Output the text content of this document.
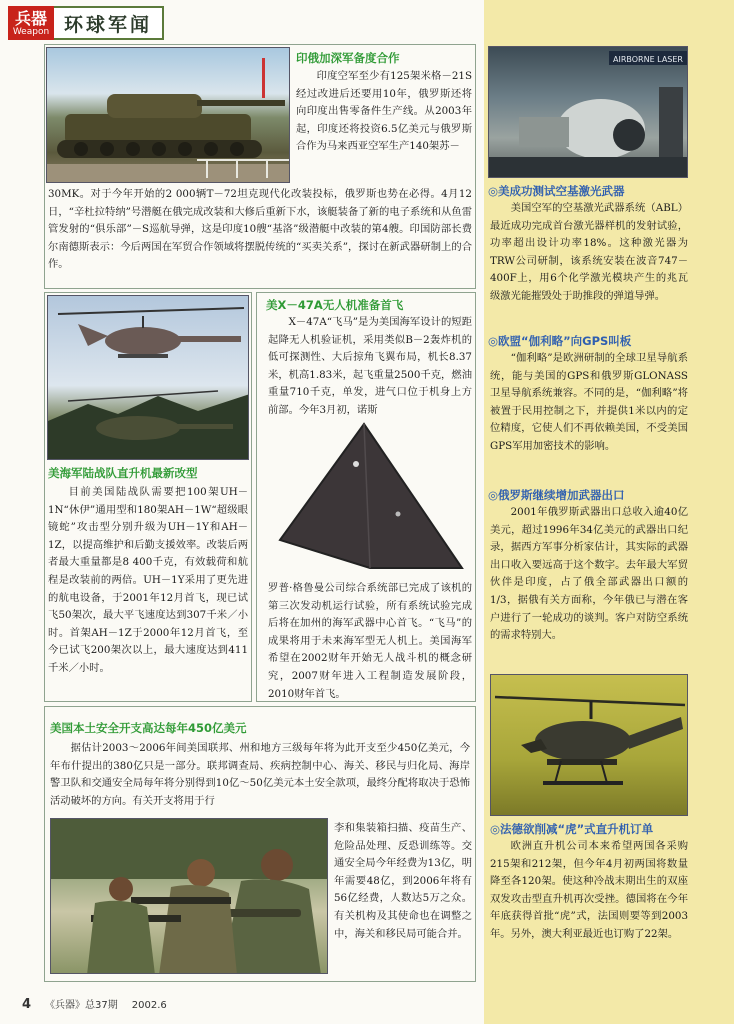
兵器
Weapon 环球军闻
印俄加深军备度合作
印度空军至少有125架米格－21S经过改进后还要用10年，俄罗斯还将向印度出售零备件生产线。从2003年起，印度还将投资6.5亿美元与俄罗斯合作为马来西亚空军生产140架苏－
30MK。对于今年开始的2 000辆T－72坦克现代化改装投标，俄罗斯也势在必得。4月12日，“辛杜拉特纳”号潜艇在俄完成改装和大修后重新下水，该艇装备了新的电子系统和从鱼雷管发射的“俱乐部”－S巡航导弹，这是印度10艘“基洛”级潜艇中改装的第4艘。印国防部长费尔南德斯表示：今后两国在军贸合作领域将摆脱传统的“买卖关系”，探讨在新武器研制上的合作。
美海军陆战队直升机最新改型
目前美国陆战队需要把100架UH－1N“休伊”通用型和180架AH－1W“超级眼镜蛇”攻击型分别升级为UH－1Y和AH－1Z，以提高维护和后勤支援效率。改装后两者最大重量都是8 400千克，有效载荷和航程是改装前的两倍。UH－1Y采用了更先进的航电设备，于2001年12月首飞，现已试飞50架次，最大平飞速度达到307千米／小时。首架AH－1Z于2000年12月首飞，至今已试飞200架次以上，最大速度达到411千米／小时。
美X－47A无人机准备首飞
X－47A“飞马”是为美国海军设计的短距起降无人机验证机，采用类似B－2轰炸机的低可探测性、大后掠角飞翼布局，机长8.37米，机高1.83米，起飞重量2500千克，燃油重量710千克，单发，进气口位于机身上方前部。今年3月初，诺斯
罗普·格鲁曼公司综合系统部已完成了该机的第三次发动机运行试验，所有系统试验完成后将在加州的海军武器中心首飞。“飞马”的成果将用于未来海军型无人机上。美国海军希望在2002财年开始无人战斗机的概念研究，2007财年进入工程制造发展阶段，2010财年首飞。
美国本土安全开支高达每年450亿美元
据估计2003～2006年间美国联邦、州和地方三级每年将为此开支至少450亿美元，今年布什提出的380亿只是一部分。联邦调查局、疾病控制中心、海关、移民与归化局、海岸警卫队和交通安全局每年将分别得到10亿～50亿美元本土安全款项，最终分配将取决于恐怖活动破坏的方向。有关开支将用于行
李和集装箱扫描、疫苗生产、危险品处理、反恐训练等。交通安全局今年经费为13亿，明年需要48亿，到2006年将有56亿经费，人数达5万之众。有关机构及其使命也在调整之中，海关和移民局可能合并。
AIRBORNE LASER
◎美成功测试空基激光武器
美国空军的空基激光武器系统（ABL）最近成功完成首台激光器样机的发射试验，功率超出设计功率18%。这种激光器为TRW公司研制，该系统安装在波音747－400F上，用6个化学激光模块产生的兆瓦级激光能摧毁处于助推段的弹道导弹。
◎欧盟“伽利略”向GPS叫板
“伽利略”是欧洲研制的全球卫星导航系统，能与美国的GPS和俄罗斯GLONASS卫星导航系统兼容。不同的是，“伽利略”将被置于民用控制之下，并提供1米以内的定位精度，它使人们不再依赖美国，不受美国GPS军用加密技术的影响。
◎俄罗斯继续增加武器出口
2001年俄罗斯武器出口总收入逾40亿美元，超过1996年34亿美元的武器出口纪录，据西方军事分析家估计，其实际的武器出口收入要远高于这个数字。去年最大军贸伙伴是印度，占了俄全部武器出口额的1/3，据俄有关方面称，今年俄已与潜在客户进行了一轮成功的谈判。客户对防空系统的需求特别大。
◎法德欲削减“虎”式直升机订单
欧洲直升机公司本来希望两国各采购215架和212架，但今年4月初两国将数量降至各120架。使这种冷战末期出生的双座双发攻击型直升机再次受挫。德国将在今年年底获得首批“虎”式，法国则要等到2003年。另外，澳大利亚最近也订购了22架。
4 《兵器》总37期 2002.6
